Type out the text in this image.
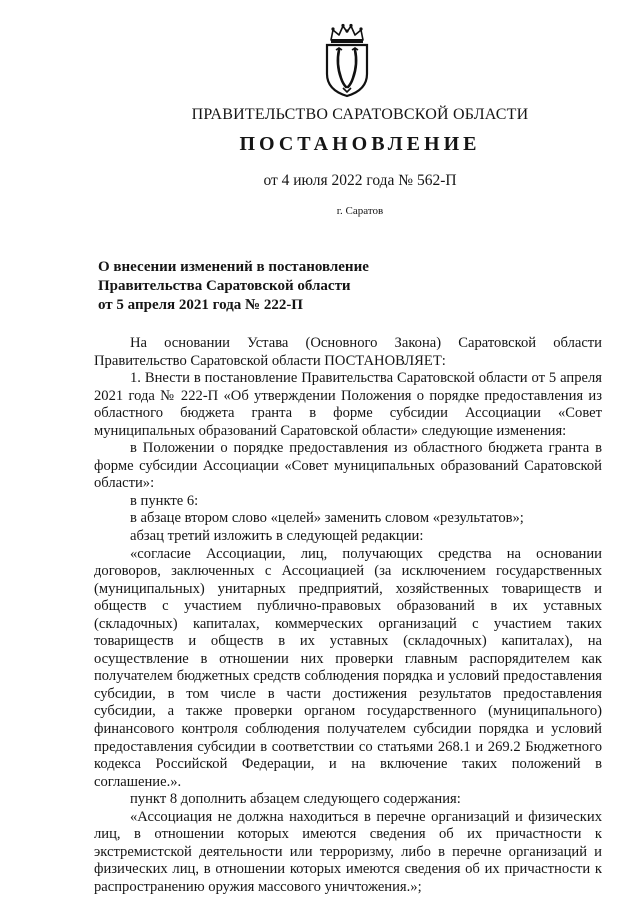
ПРАВИТЕЛЬСТВО САРАТОВСКОЙ ОБЛАСТИ
ПОСТАНОВЛЕНИЕ
от 4 июля 2022 года № 562-П
г. Саратов
О внесении изменений в постановление
Правительства Саратовской области
от 5 апреля 2021 года № 222-П

На основании Устава (Основного Закона) Саратовской области Правительство Саратовской области ПОСТАНОВЛЯЕТ:

1. Внести в постановление Правительства Саратовской области от 5 апреля 2021 года № 222-П «Об утверждении Положения о порядке предоставления из областного бюджета гранта в форме субсидии Ассоциации «Совет муниципальных образований Саратовской области» следующие изменения:

в Положении о порядке предоставления из областного бюджета гранта в форме субсидии Ассоциации «Совет муниципальных образований Саратовской области»:

в пункте 6:

в абзаце втором слово «целей» заменить словом «результатов»;

абзац третий изложить в следующей редакции:

«согласие Ассоциации, лиц, получающих средства на основании договоров, заключенных с Ассоциацией (за исключением государственных (муниципальных) унитарных предприятий, хозяйственных товариществ и обществ с участием публично-правовых образований в их уставных (складочных) капиталах, коммерческих организаций с участием таких товариществ и обществ в их уставных (складочных) капиталах), на осуществление в отношении них проверки главным распорядителем как получателем бюджетных средств соблюдения порядка и условий предоставления субсидии, в том числе в части достижения результатов предоставления субсидии, а также проверки органом государственного (муниципального) финансового контроля соблюдения получателем субсидии порядка и условий предоставления субсидии в соответствии со статьями 268.1 и 269.2 Бюджетного кодекса Российской Федерации, и на включение таких положений в соглашение.».

пункт 8 дополнить абзацем следующего содержания:

«Ассоциация не должна находиться в перечне организаций и физических лиц, в отношении которых имеются сведения об их причастности к экстремистской деятельности или терроризму, либо в перечне организаций и физических лиц, в отношении которых имеются сведения об их причастности к распространению оружия массового уничтожения.»;
